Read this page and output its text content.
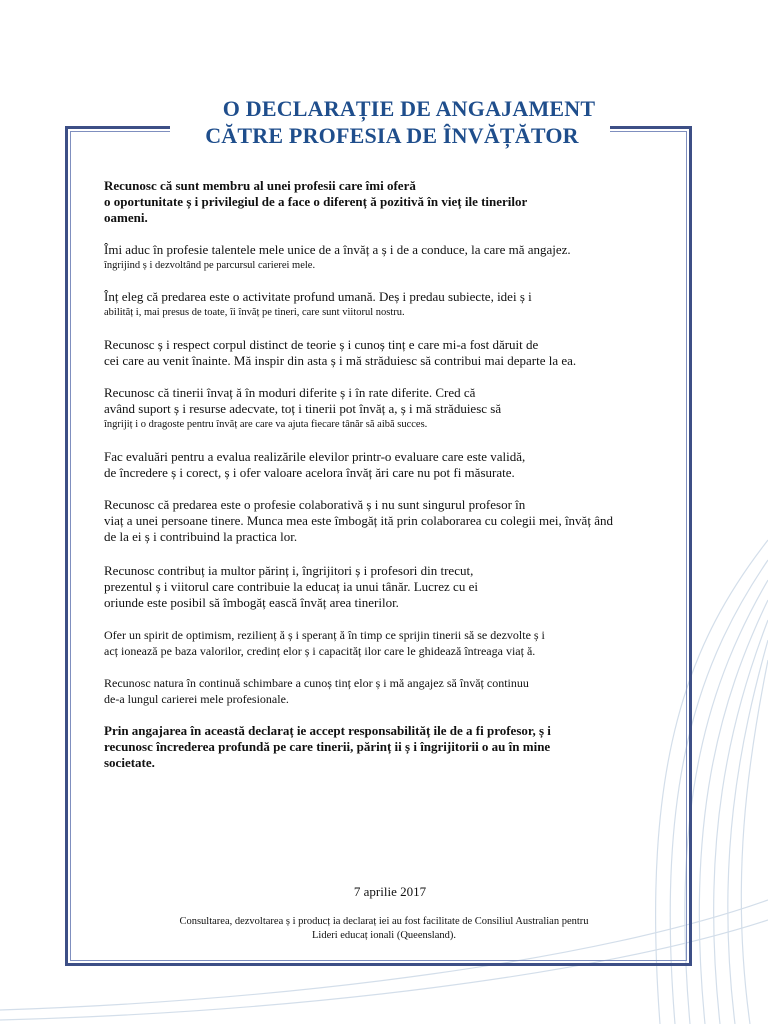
O DECLARAȚIE DE ANGAJAMENT
CĂTRE PROFESIA DE ÎNVĂȚĂTOR
Recunosc că sunt membru al unei profesii care îmi oferă
o oportunitate ș i privilegiul de a face o diferenț ă pozitivă în vieț ile tinerilor
oameni.
Îmi aduc în profesie talentele mele unice de a învăț a ș i de a conduce, la care mă angajez.
îngrijind ș i dezvoltând pe parcursul carierei mele.
Înț eleg că predarea este o activitate profund umană. Deș i predau subiecte, idei ș i
abilităț i, mai presus de toate, îi învăț pe tineri, care sunt viitorul nostru.
Recunosc ș i respect corpul distinct de teorie ș i cunoș tinț e care mi-a fost dăruit de
cei care au venit înainte. Mă inspir din asta ș i mă străduiesc să contribui mai departe la ea.
Recunosc că tinerii învaț ă în moduri diferite ș i în rate diferite. Cred că
având suport ș i resurse adecvate, toț i tinerii pot învăț a, ș i mă străduiesc să
îngrijiț i o dragoste pentru învăț are care va ajuta fiecare tânăr să aibă succes.
Fac evaluări pentru a evalua realizările elevilor printr-o evaluare care este validă,
de încredere ș i corect, ș i ofer valoare acelora învăț ări care nu pot fi măsurate.
Recunosc că predarea este o profesie colaborativă ș i nu sunt singurul profesor în
viaț a unei persoane tinere. Munca mea este îmbogăț ită prin colaborarea cu colegii mei, învăț ând
de la ei ș i contribuind la practica lor.
Recunosc contribuț ia multor părinț i, îngrijitori ș i profesori din trecut,
prezentul ș i viitorul care contribuie la educaț ia unui tânăr. Lucrez cu ei
oriunde este posibil să îmbogăț ească învăț area tinerilor.
Ofer un spirit de optimism, rezilienț ă ș i speranț ă în timp ce sprijin tinerii să se dezvolte ș i
acț ionează pe baza valorilor, credinț elor ș i capacităț ilor care le ghidează întreaga viaț ă.
Recunosc natura în continuă schimbare a cunoș tinț elor ș i mă angajez să învăț continuu
de-a lungul carierei mele profesionale.
Prin angajarea în această declaraț ie accept responsabilităț ile de a fi profesor, ș i
recunosc încrederea profundă pe care tinerii, părinț ii ș i îngrijitorii o au în mine
societate.
7 aprilie 2017
Consultarea, dezvoltarea ș i producț ia declaraț iei au fost facilitate de Consiliul Australian pentru
Lideri educaț ionali (Queensland).
